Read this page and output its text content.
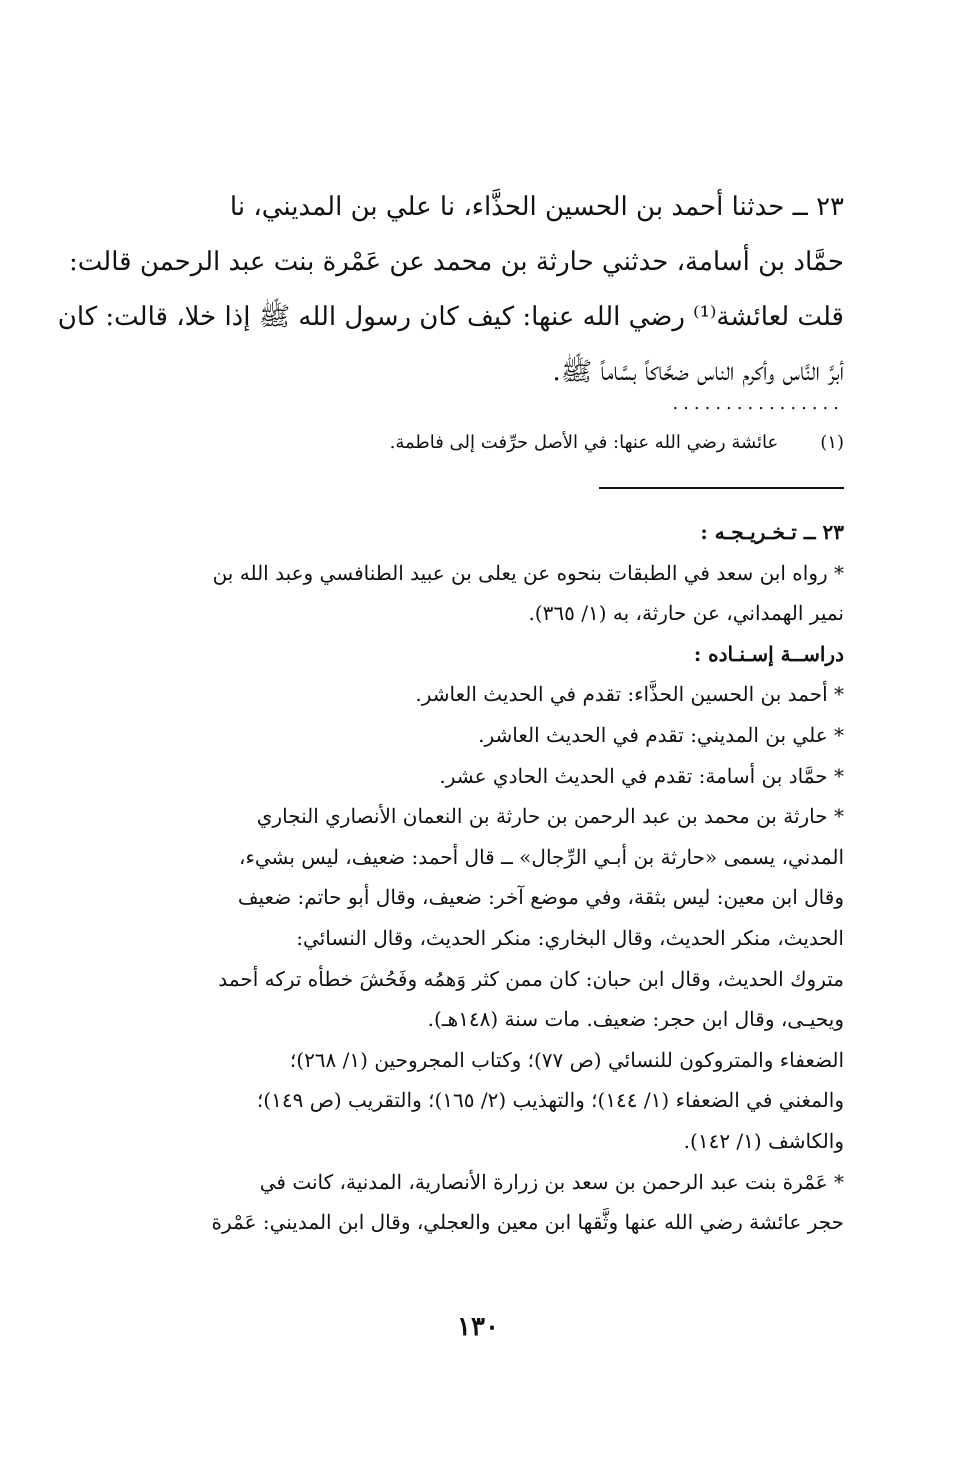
٢٣ ــ حدثنا أحمد بن الحسين الحذَّاء، نا علي بن المديني، نا
حمَّاد بن أسامة، حدثني حارثة بن محمد عن عَمْرة بنت عبد الرحمن قالت:
قلت لعائشة⁽¹⁾ رضي الله عنها: كيف كان رسول الله ﷺ إذا خلا، قالت: كان
أبرَّ النَّاس وأكرم الناس ضحَّاكاً بسَّاماً ﷺ.
................
(١) عائشة رضي الله عنها: في الأصل حرِّفت إلى فاطمة.
٢٣ ــ تـخـريـجـه :
* رواه ابن سعد في الطبقات بنحوه عن يعلى بن عبيد الطنافسي وعبد الله بن
نمير الهمداني، عن حارثة، به (١/ ٣٦٥).
دراســة إسـنـاده :
* أحمد بن الحسين الحذَّاء: تقدم في الحديث العاشر.
* علي بن المديني: تقدم في الحديث العاشر.
* حمَّاد بن أسامة: تقدم في الحديث الحادي عشر.
* حارثة بن محمد بن عبد الرحمن بن حارثة بن النعمان الأنصاري النجاري
المدني، يسمى «حارثة بن أبـي الرِّجال» ــ قال أحمد: ضعيف، ليس بشيء،
وقال ابن معين: ليس بثقة، وفي موضع آخر: ضعيف، وقال أبو حاتم: ضعيف
الحديث، منكر الحديث، وقال البخاري: منكر الحديث، وقال النسائي:
متروك الحديث، وقال ابن حبان: كان ممن كثر وَهمُه وفَحُشَ خطأه تركه أحمد
ويحيـى، وقال ابن حجر: ضعيف. مات سنة (١٤٨هـ).
الضعفاء والمتروكون للنسائي (ص ٧٧)؛ وكتاب المجروحين (١/ ٢٦٨)؛
والمغني في الضعفاء (١/ ١٤٤)؛ والتهذيب (٢/ ١٦٥)؛ والتقريب (ص ١٤٩)؛
والكاشف (١/ ١٤٢).
* عَمْرة بنت عبد الرحمن بن سعد بن زرارة الأنصارية، المدنية، كانت في
حجر عائشة رضي الله عنها وثَّقها ابن معين والعجلي، وقال ابن المديني: عَمْرة
١٣٠
